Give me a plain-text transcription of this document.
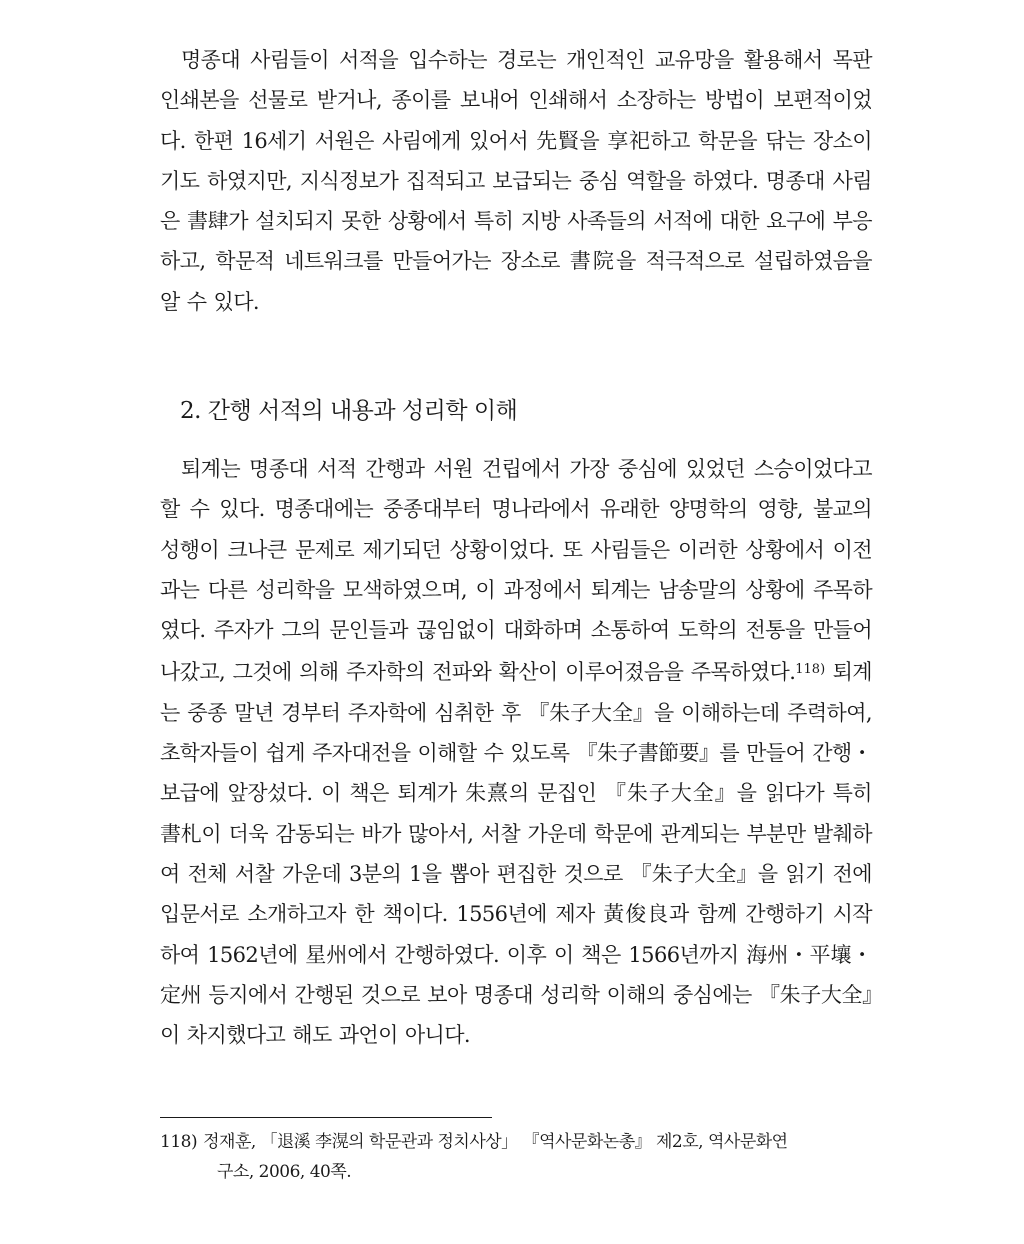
명종대 사림들이 서적을 입수하는 경로는 개인적인 교유망을 활용해서 목판 인쇄본을 선물로 받거나, 종이를 보내어 인쇄해서 소장하는 방법이 보편적이었다. 한편 16세기 서원은 사림에게 있어서 先賢을 享祀하고 학문을 닦는 장소이기도 하였지만, 지식정보가 집적되고 보급되는 중심 역할을 하였다. 명종대 사림은 書肆가 설치되지 못한 상황에서 특히 지방 사족들의 서적에 대한 요구에 부응하고, 학문적 네트워크를 만들어가는 장소로 書院을 적극적으로 설립하였음을 알 수 있다.

2. 간행 서적의 내용과 성리학 이해

퇴계는 명종대 서적 간행과 서원 건립에서 가장 중심에 있었던 스승이었다고 할 수 있다. 명종대에는 중종대부터 명나라에서 유래한 양명학의 영향, 불교의 성행이 크나큰 문제로 제기되던 상황이었다. 또 사림들은 이러한 상황에서 이전과는 다른 성리학을 모색하였으며, 이 과정에서 퇴계는 남송말의 상황에 주목하였다. 주자가 그의 문인들과 끊임없이 대화하며 소통하여 도학의 전통을 만들어 나갔고, 그것에 의해 주자학의 전파와 확산이 이루어졌음을 주목하였다.$^{118)}$ 퇴계는 중종 말년 경부터 주자학에 심취한 후 『朱子大全』을 이해하는데 주력하여, 초학자들이 쉽게 주자대전을 이해할 수 있도록 『朱子書節要』를 만들어 간행・보급에 앞장섰다. 이 책은 퇴계가 朱熹의 문집인 『朱子大全』을 읽다가 특히 書札이 더욱 감동되는 바가 많아서, 서찰 가운데 학문에 관계되는 부분만 발췌하여 전체 서찰 가운데 3분의 1을 뽑아 편집한 것으로 『朱子大全』을 읽기 전에 입문서로 소개하고자 한 책이다. 1556년에 제자 黃俊良과 함께 간행하기 시작하여 1562년에 星州에서 간행하였다. 이후 이 책은 1566년까지 海州・平壤・定州 등지에서 간행된 것으로 보아 명종대 성리학 이해의 중심에는 『朱子大全』이 차지했다고 해도 과언이 아니다.

118) 정재훈, 「退溪 李滉의 학문관과 정치사상」 『역사문화논총』 제2호, 역사문화연
구소, 2006, 40쪽.
